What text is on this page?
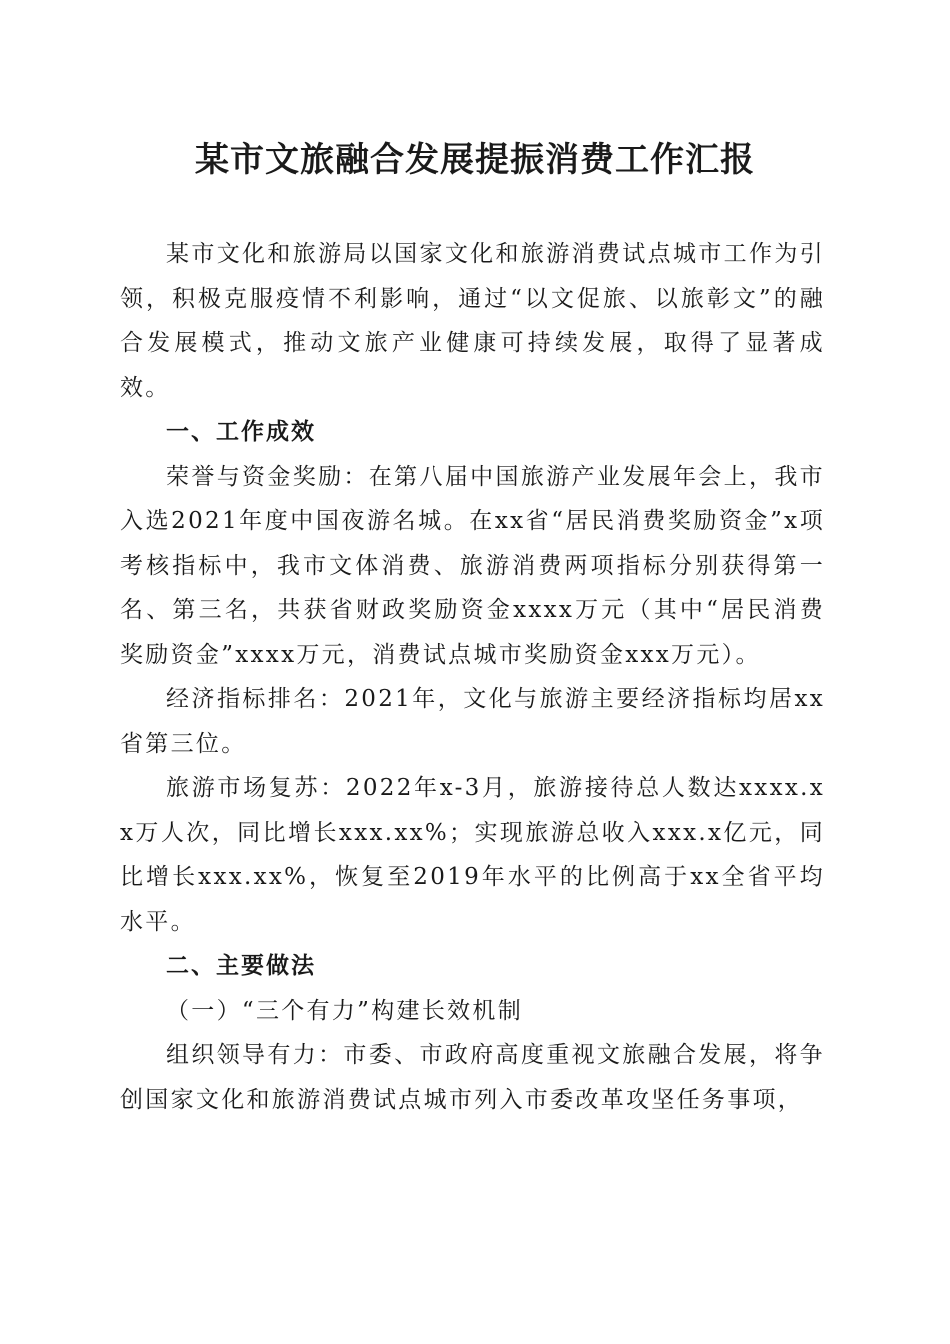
某市文旅融合发展提振消费工作汇报

某市文化和旅游局以国家文化和旅游消费试点城市工作为引领，积极克服疫情不利影响，通过“以文促旅、以旅彰文”的融合发展模式，推动文旅产业健康可持续发展，取得了显著成效。

一、工作成效

荣誉与资金奖励：在第八届中国旅游产业发展年会上，我市入选2021年度中国夜游名城。在xx省“居民消费奖励资金”x项考核指标中，我市文体消费、旅游消费两项指标分别获得第一名、第三名，共获省财政奖励资金xxxx万元（其中“居民消费奖励资金”xxxx万元，消费试点城市奖励资金xxx万元）。

经济指标排名：2021年，文化与旅游主要经济指标均居xx省第三位。

旅游市场复苏：2022年x-3月，旅游接待总人数达xxxx.xx万人次，同比增长xxx.xx%；实现旅游总收入xxx.x亿元，同比增长xxx.xx%，恢复至2019年水平的比例高于xx全省平均水平。

二、主要做法

（一）“三个有力”构建长效机制

组织领导有力：市委、市政府高度重视文旅融合发展，将争创国家文化和旅游消费试点城市列入市委改革攻坚任务事项，
